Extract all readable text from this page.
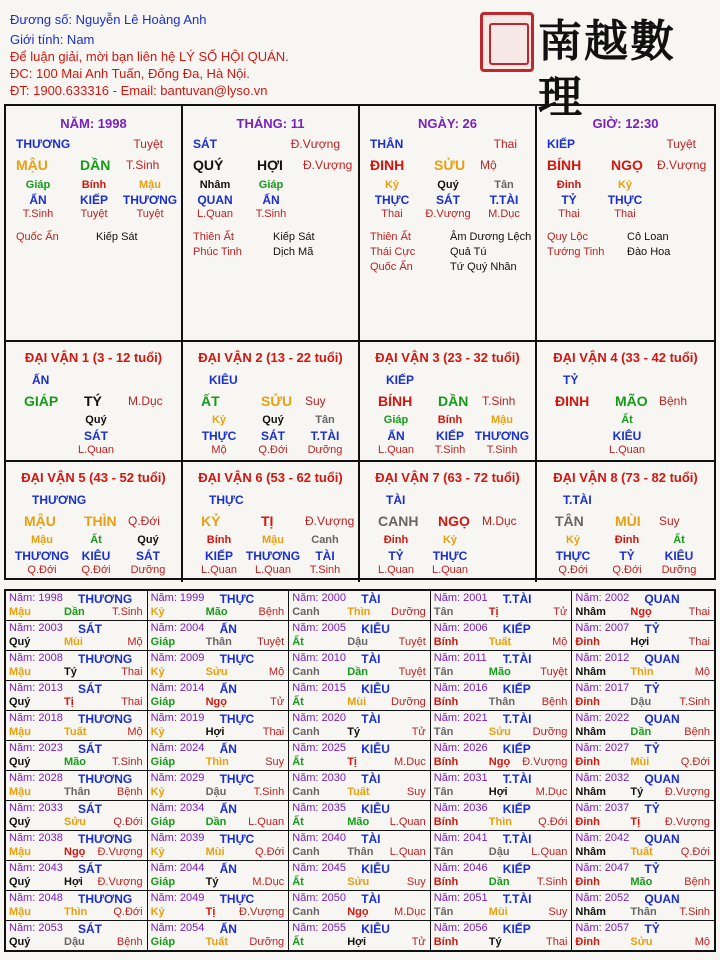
Đương số: Nguyễn Lê Hoàng Anh
Giới tính: Nam
Để luận giải, mời bạn liên hệ LÝ SỐ HỘI QUÁN.
ĐC: 100 Mai Anh Tuấn, Đống Đa, Hà Nội.
ĐT: 1900.633316 - Email: bantuvan@lyso.vn
南越數理
NĂM: 1998
THƯƠNG	Tuyệt
MẬU DẦN T.Sinh
Giáp	Bính	Mậu
ẤN	KIẾP THƯƠNG
T.Sinh Tuyệt	Tuyệt
Quốc Ấn	Kiếp Sát
THÁNG: 11
SÁT	Đ.Vượng
QUÝ HỢI Đ.Vượng
Nhâm	Giáp
QUAN ẤN
L.Quan T.Sinh
Thiên Ất	Kiếp Sát
Phúc Tinh	Dịch Mã
NGÀY: 26
THÂN	Thai
ĐINH SỬU Mộ
Kỷ	Quý	Tân
THỰC SÁT T.TÀI
Thai Đ.Vượng M.Dục
Thiên Ất	Âm Dương Lệch
Thái Cực	Quả Tú
Quốc Ấn	Tứ Quý Nhân
GIỜ: 12:30
KIẾP	Tuyệt
BÍNH NGỌ Đ.Vượng
Đinh	Kỷ
TỶ	THỰC
Thai	Thai
Quy Lộc	Cô Loan
Tướng Tinh Đào Hoa
ĐẠI VẬN 1 (3 - 12 tuổi)
ẤN
GIÁP TÝ M.Dục
Quý
SÁT
L.Quan
ĐẠI VẬN 2 (13 - 22 tuổi)
KIÊU
ẤT	SỬU Suy
Kỷ	Quý	Tân
THỰC SÁT T.TÀI
Mộ	Q.Đới Dưỡng
ĐẠI VẬN 3 (23 - 32 tuổi)
KIẾP
BÍNH DẦN T.Sinh
Giáp	Bính	Mậu
ẤN	KIẾP THƯƠNG
L.Quan T.Sinh T.Sinh
ĐẠI VẬN 4 (33 - 42 tuổi)
TỶ
ĐINH MÃO Bệnh
Ất
KIÊU
L.Quan
ĐẠI VẬN 5 (43 - 52 tuổi)
THƯƠNG
MẬU THÌN Q.Đới
Mậu	Ất	Quý
THƯƠNG KIÊU SÁT
Q.Đới Q.Đới Dưỡng
ĐẠI VẬN 6 (53 - 62 tuổi)
THỰC
KỶ	TỊ	Đ.Vượng
Bính	Mậu Canh
KIẾP THƯƠNG TÀI
L.Quan L.Quan T.Sinh
ĐẠI VẬN 7 (63 - 72 tuổi)
TÀI
CANH NGỌ M.Dục
Đinh	Kỷ
TỶ THỰC
L.Quan L.Quan
ĐẠI VẬN 8 (73 - 82 tuổi)
T.TÀI
TÂN MÙI Suy
Kỷ	Đinh	Ất
THỰC TỶ KIÊU
Q.Đới Q.Đới Dưỡng
Năm: 1998 THƯƠNG
Mậu	Dần T.Sinh
Năm: 1999 THỰC
Kỷ	Mão	Bệnh
Năm: 2000 TÀI
Canh	Thìn Dưỡng
Năm: 2001 T.TÀI
Tân	Tị	Tử
Năm: 2002 QUAN
Nhâm Ngọ	Thai
Năm: 2003 SÁT
Quý	Mùi	Mộ
Năm: 2004 ẤN
Giáp	Thân Tuyệt
Năm: 2005 KIÊU
Ất	Dậu	Tuyệt
Năm: 2006 KIẾP
Bính	Tuất	Mộ
Năm: 2007 TỶ
Đinh	Hợi	Thai
Năm: 2008 THƯƠNG
Mậu	Tý	Thai
Năm: 2009 THỰC
Kỷ	Sửu	Mộ
Năm: 2010 TÀI
Canh	Dần	Tuyệt
Năm: 2011 T.TÀI
Tân	Mão	Tuyệt
Năm: 2012 QUAN
Nhâm Thìn	Mộ
Năm: 2013 SÁT
Quý	Tị	Thai
Năm: 2014 ẤN
Giáp	Ngọ	Tử
Năm: 2015 KIÊU
Ất	Mùi Dưỡng
Năm: 2016 KIẾP
Bính	Thân Bệnh
Năm: 2017 TỶ
Đinh	Dậu	T.Sinh
Năm: 2018 THƯƠNG
Mậu	Tuất	Mộ
Năm: 2019 THỰC
Kỷ	Hợi	Thai
Năm: 2020 TÀI
Canh	Tý	Tử
Năm: 2021 T.TÀI
Tân	Sửu Dưỡng
Năm: 2022 QUAN
Nhâm Dần	Bệnh
Năm: 2023 SÁT
Quý	Mão T.Sinh
Năm: 2024 ẤN
Giáp	Thìn	Suy
Năm: 2025 KIÊU
Ất	Tị	M.Dục
Năm: 2026 KIẾP
Bính	Ngọ Đ.Vượng
Năm: 2027 TỶ
Đinh	Mùi	Q.Đới
Năm: 2028 THƯƠNG
Mậu	Thân Bệnh
Năm: 2029 THỰC
Kỷ	Dậu T.Sinh
Năm: 2030 TÀI
Canh	Tuất	Suy
Năm: 2031 T.TÀI
Tân	Hợi	M.Dục
Năm: 2032 QUAN
Nhâm Tý Đ.Vượng
Năm: 2033 SÁT
Quý	Sửu Q.Đới
Năm: 2034 ẤN
Giáp	Dần L.Quan
Năm: 2035 KIÊU
Ất	Mão L.Quan
Năm: 2036 KIẾP
Bính	Thìn Q.Đới
Năm: 2037 TỶ
Đinh	Tị Đ.Vượng
Năm: 2038 THƯƠNG
Mậu	Ngọ Đ.Vượng
Năm: 2039 THỰC
Kỷ	Mùi	Q.Đới
Năm: 2040 TÀI
Canh	Thân L.Quan
Năm: 2041 T.TÀI
Tân	Dậu L.Quan
Năm: 2042 QUAN
Nhâm Tuất	Q.Đới
Năm: 2043 SÁT
Quý	Hợi Đ.Vượng
Năm: 2044 ẤN
Giáp	Tý	M.Dục
Năm: 2045 KIÊU
Ất	Sửu	Suy
Năm: 2046 KIẾP
Bính	Dần T.Sinh
Năm: 2047 TỶ
Đinh	Mão	Bệnh
Năm: 2048 THƯƠNG
Mậu	Thìn Q.Đới
Năm: 2049 THỰC
Kỷ	Tị Đ.Vượng
Năm: 2050 TÀI
Canh	Ngọ M.Dục
Năm: 2051 T.TÀI
Tân	Mùi	Suy
Năm: 2052 QUAN
Nhâm Thân T.Sinh
Năm: 2053 SÁT
Quý	Dậu	Bệnh
Năm: 2054 ẤN
Giáp	Tuất Dưỡng
Năm: 2055 KIÊU
Ất	Hợi	Tử
Năm: 2056 KIẾP
Bính	Tý	Thai
Năm: 2057 TỶ
Đinh	Sửu	Mộ
